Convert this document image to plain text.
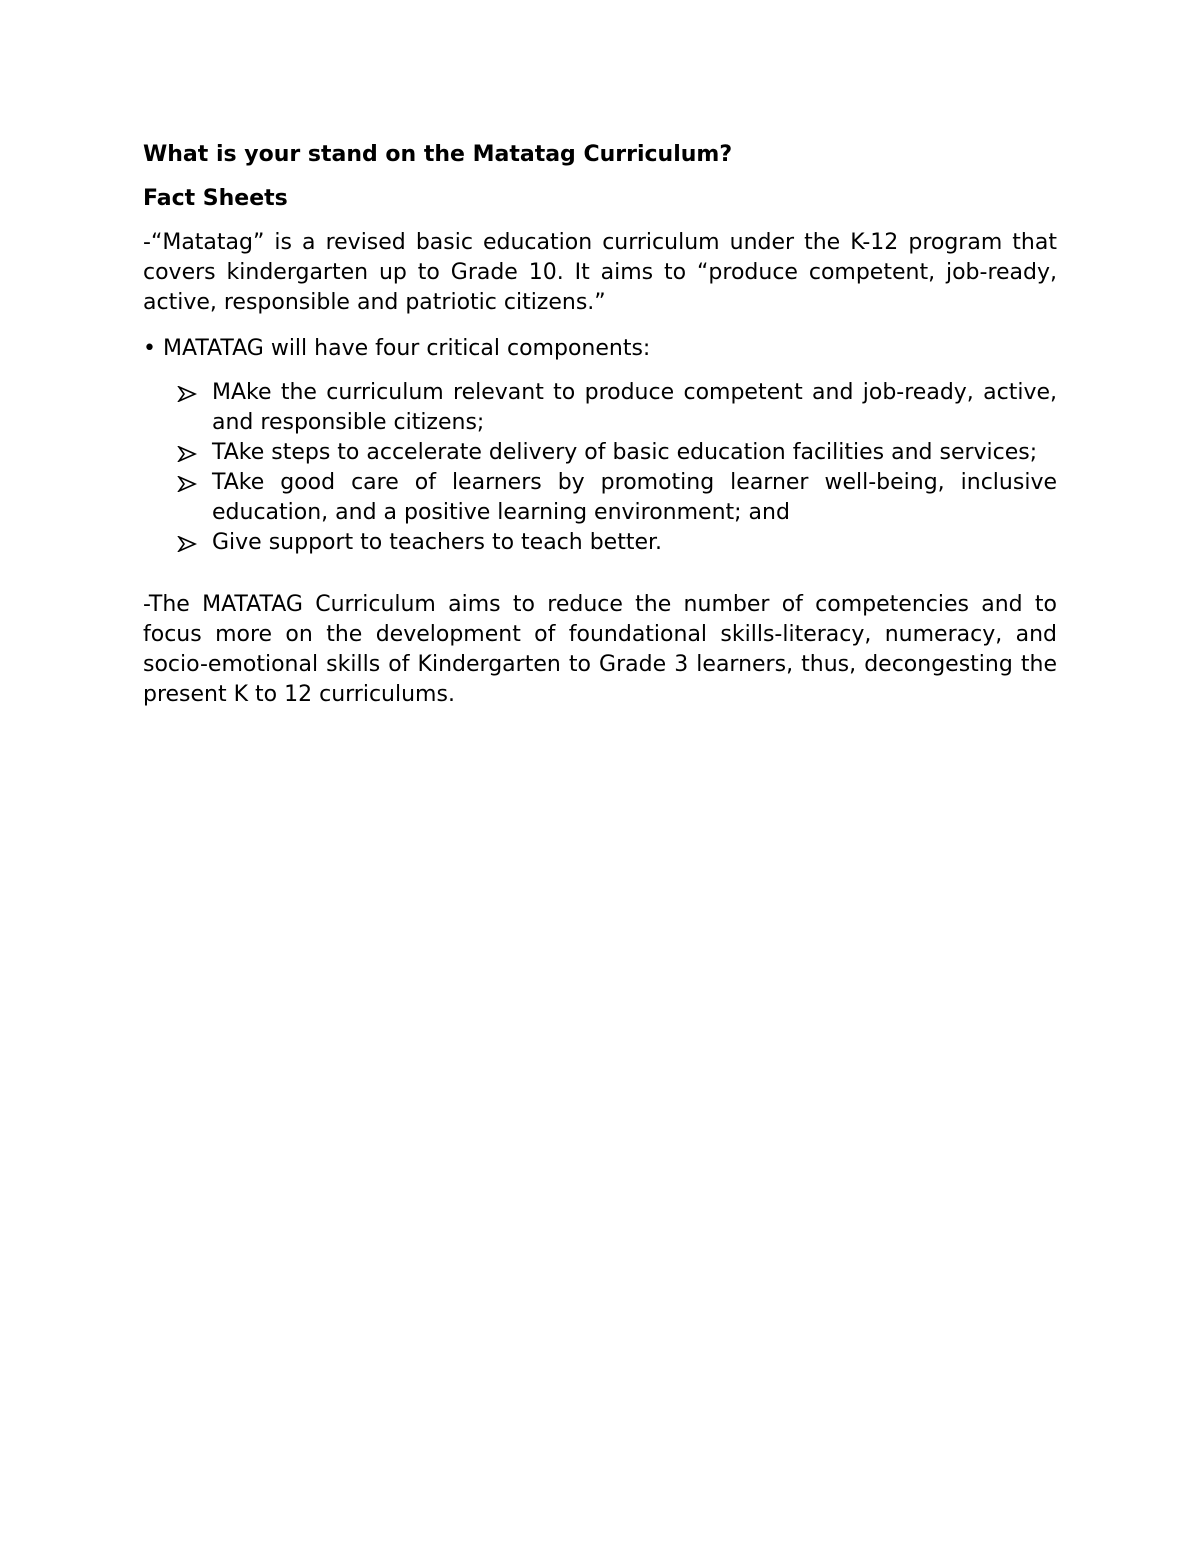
What is your stand on the Matatag Curriculum?

Fact Sheets

-“Matatag” is a revised basic education curriculum under the K-12 program that covers kindergarten up to Grade 10. It aims to “produce competent, job-ready, active, responsible and patriotic citizens.”

• MATATAG will have four critical components:

MAke the curriculum relevant to produce competent and job-ready, active, and responsible citizens;
TAke steps to accelerate delivery of basic education facilities and services;
TAke good care of learners by promoting learner well-being, inclusive education, and a positive learning environment; and
Give support to teachers to teach better.

-The MATATAG Curriculum aims to reduce the number of competencies and to focus more on the development of foundational skills-literacy, numeracy, and socio-emotional skills of Kindergarten to Grade 3 learners, thus, decongesting the present K to 12 curriculums.
